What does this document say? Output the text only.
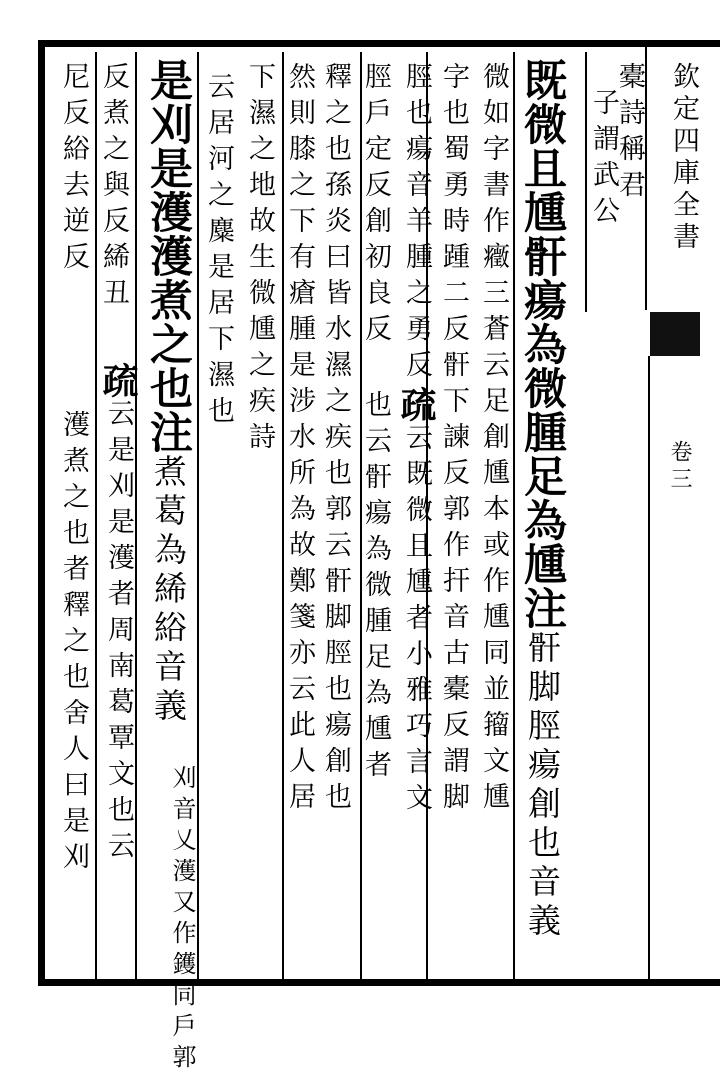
欽定四庫全書
卷三
橐詩稱君
子謂武公
既微且尰骭瘍為微腫足為尰注骭脚脛瘍創也音義
微如字書作癥三蒼云足創尰本或作尰同並籀文尰
字也蜀勇時踵二反骭下諫反郭作扞音古橐反謂脚
脛也瘍音羊腫之勇反疏云既微且尰者小雅巧言文
脛戶定反創初良反也云骭瘍為微腫足為尰者
釋之也孫炎曰皆水濕之疾也郭云骭脚脛也瘍創也
然則膝之下有瘡腫是涉水所為故鄭箋亦云此人居
下濕之地故生微尰之疾詩
云居河之麋是居下濕也
是刈是濩濩煮之也注煮葛為絺綌音義
刈音乂濩又作鑊同戶郭
反煮之與反絺丑
疏云是刈是濩者周南葛覃文也云
尼反綌去逆反
濩煮之也者釋之也舍人曰是刈
